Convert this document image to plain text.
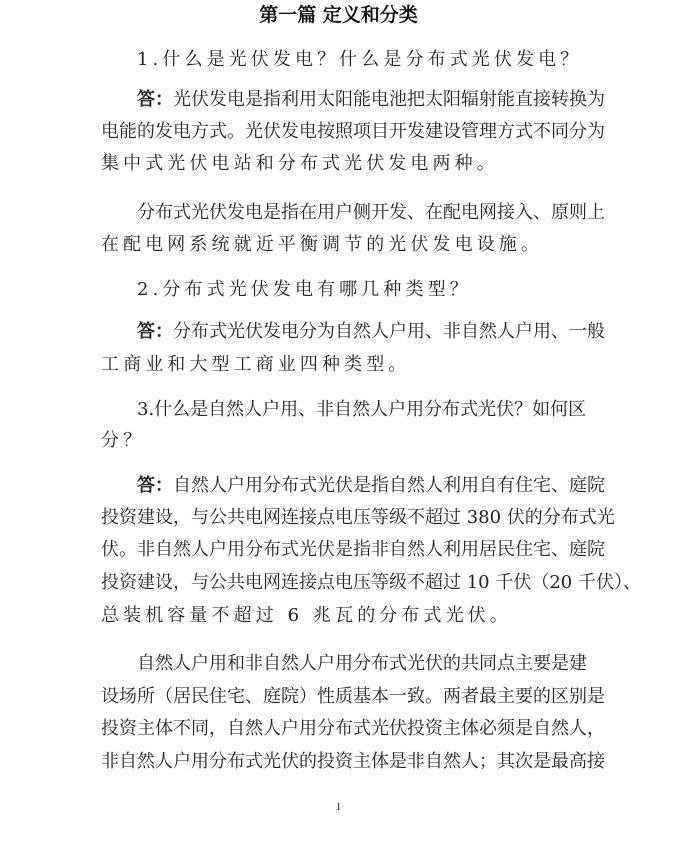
第一篇 定义和分类
1.什么是光伏发电？什么是分布式光伏发电？
答：光伏发电是指利用太阳能电池把太阳辐射能直接转换为
电能的发电方式。光伏发电按照项目开发建设管理方式不同分为
集中式光伏电站和分布式光伏发电两种。
分布式光伏发电是指在用户侧开发、在配电网接入、原则上
在配电网系统就近平衡调节的光伏发电设施。
2.分布式光伏发电有哪几种类型？
答：分布式光伏发电分为自然人户用、非自然人户用、一般
工商业和大型工商业四种类型。
3.什么是自然人户用、非自然人户用分布式光伏？如何区
分？
答：自然人户用分布式光伏是指自然人利用自有住宅、庭院
投资建设，与公共电网连接点电压等级不超过 380 伏的分布式光
伏。非自然人户用分布式光伏是指非自然人利用居民住宅、庭院
投资建设，与公共电网连接点电压等级不超过 10 千伏（20 千伏）、
总装机容量不超过 6 兆瓦的分布式光伏。
自然人户用和非自然人户用分布式光伏的共同点主要是建
设场所（居民住宅、庭院）性质基本一致。两者最主要的区别是
投资主体不同，自然人户用分布式光伏投资主体必须是自然人，
非自然人户用分布式光伏的投资主体是非自然人；其次是最高接
1
